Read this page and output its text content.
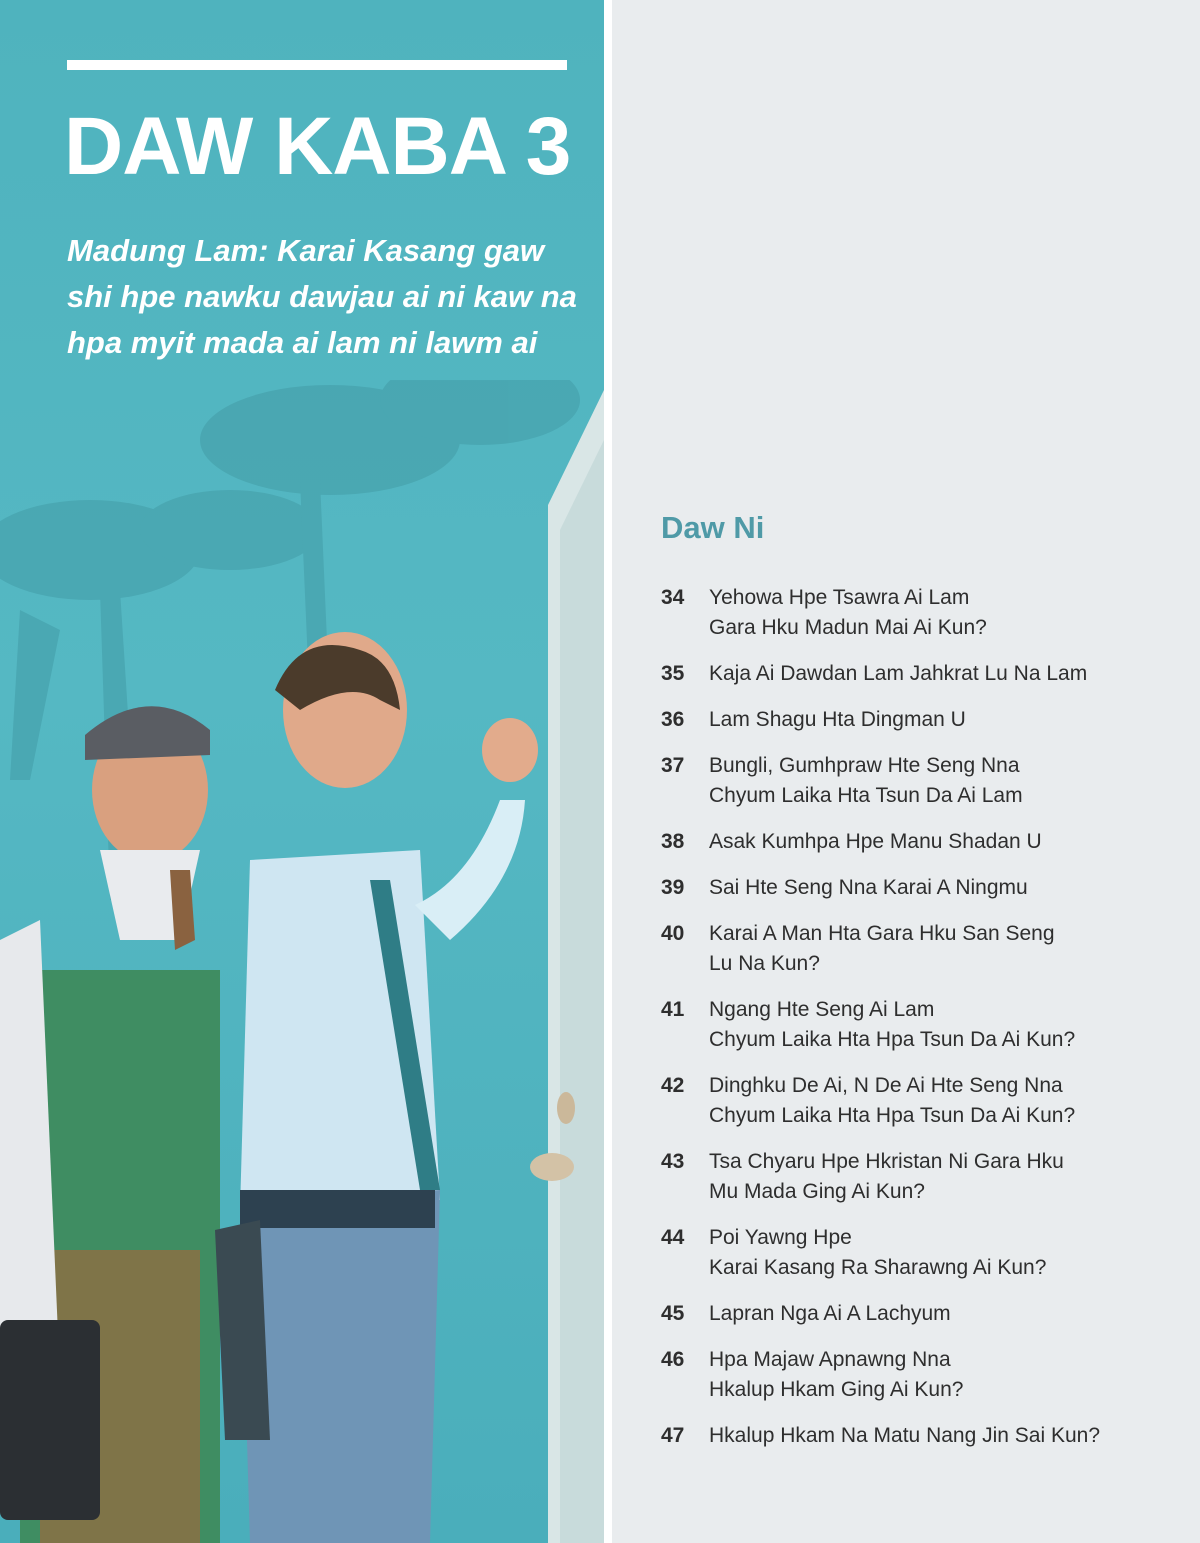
DAW KABA 3

Madung Lam: Karai Kasang gaw shi hpe nawku dawjau ai ni kaw na hpa myit mada ai lam ni lawm ai

Daw Ni
34	Yehowa Hpe Tsawra Ai Lam
Gara Hku Madun Mai Ai Kun?
35	Kaja Ai Dawdan Lam Jahkrat Lu Na Lam
36	Lam Shagu Hta Dingman U
37	Bungli, Gumhpraw Hte Seng Nna
Chyum Laika Hta Tsun Da Ai Lam
38	Asak Kumhpa Hpe Manu Shadan U
39	Sai Hte Seng Nna Karai A Ningmu
40	Karai A Man Hta Gara Hku San Seng
Lu Na Kun?
41	Ngang Hte Seng Ai Lam
Chyum Laika Hta Hpa Tsun Da Ai Kun?
42	Dinghku De Ai, N De Ai Hte Seng Nna
Chyum Laika Hta Hpa Tsun Da Ai Kun?
43	Tsa Chyaru Hpe Hkristan Ni Gara Hku
Mu Mada Ging Ai Kun?
44	Poi Yawng Hpe
Karai Kasang Ra Sharawng Ai Kun?
45	Lapran Nga Ai A Lachyum
46	Hpa Majaw Apnawng Nna
Hkalup Hkam Ging Ai Kun?
47	Hkalup Hkam Na Matu Nang Jin Sai Kun?
